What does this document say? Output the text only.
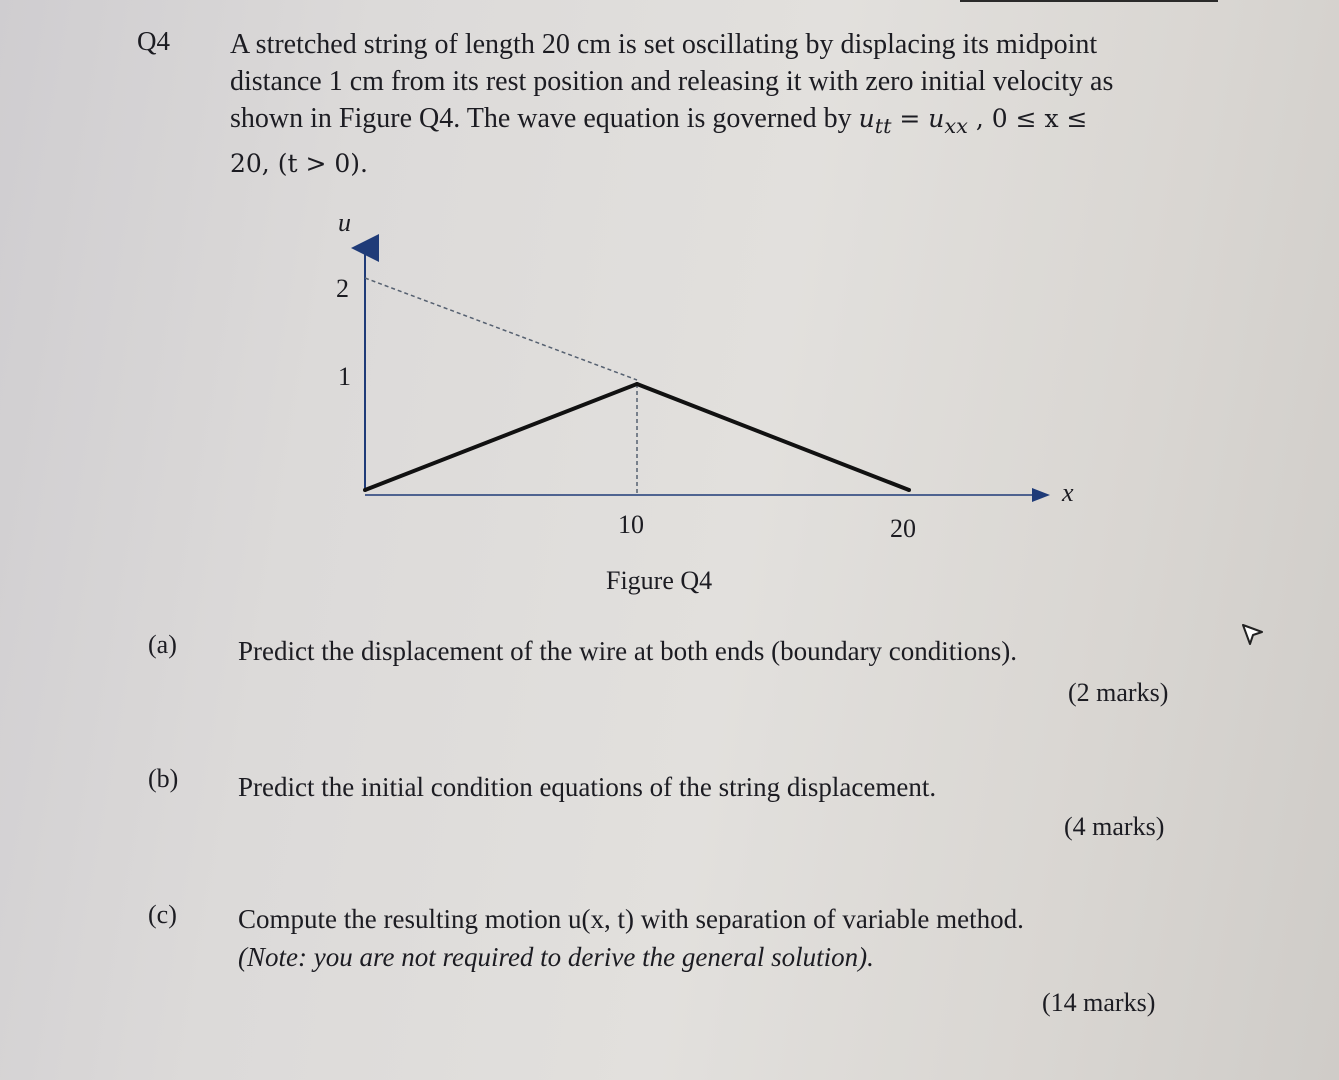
Q4 A stretched string of length 20 cm is set oscillating by displacing its midpoint
distance 1 cm from its rest position and releasing it with zero initial velocity as
shown in Figure Q4. The wave equation is governed by $u_{tt} = u_{xx}$ , 0 ≤ x ≤
20, (t > 0).
u
x
2
1
10	20
Figure Q4
(a) Predict the displacement of the wire at both ends (boundary conditions).
(2 marks)
(b) Predict the initial condition equations of the string displacement.
(4 marks)
(c) Compute the resulting motion u(x, t) with separation of variable method.
(Note: you are not required to derive the general solution).
(14 marks)
